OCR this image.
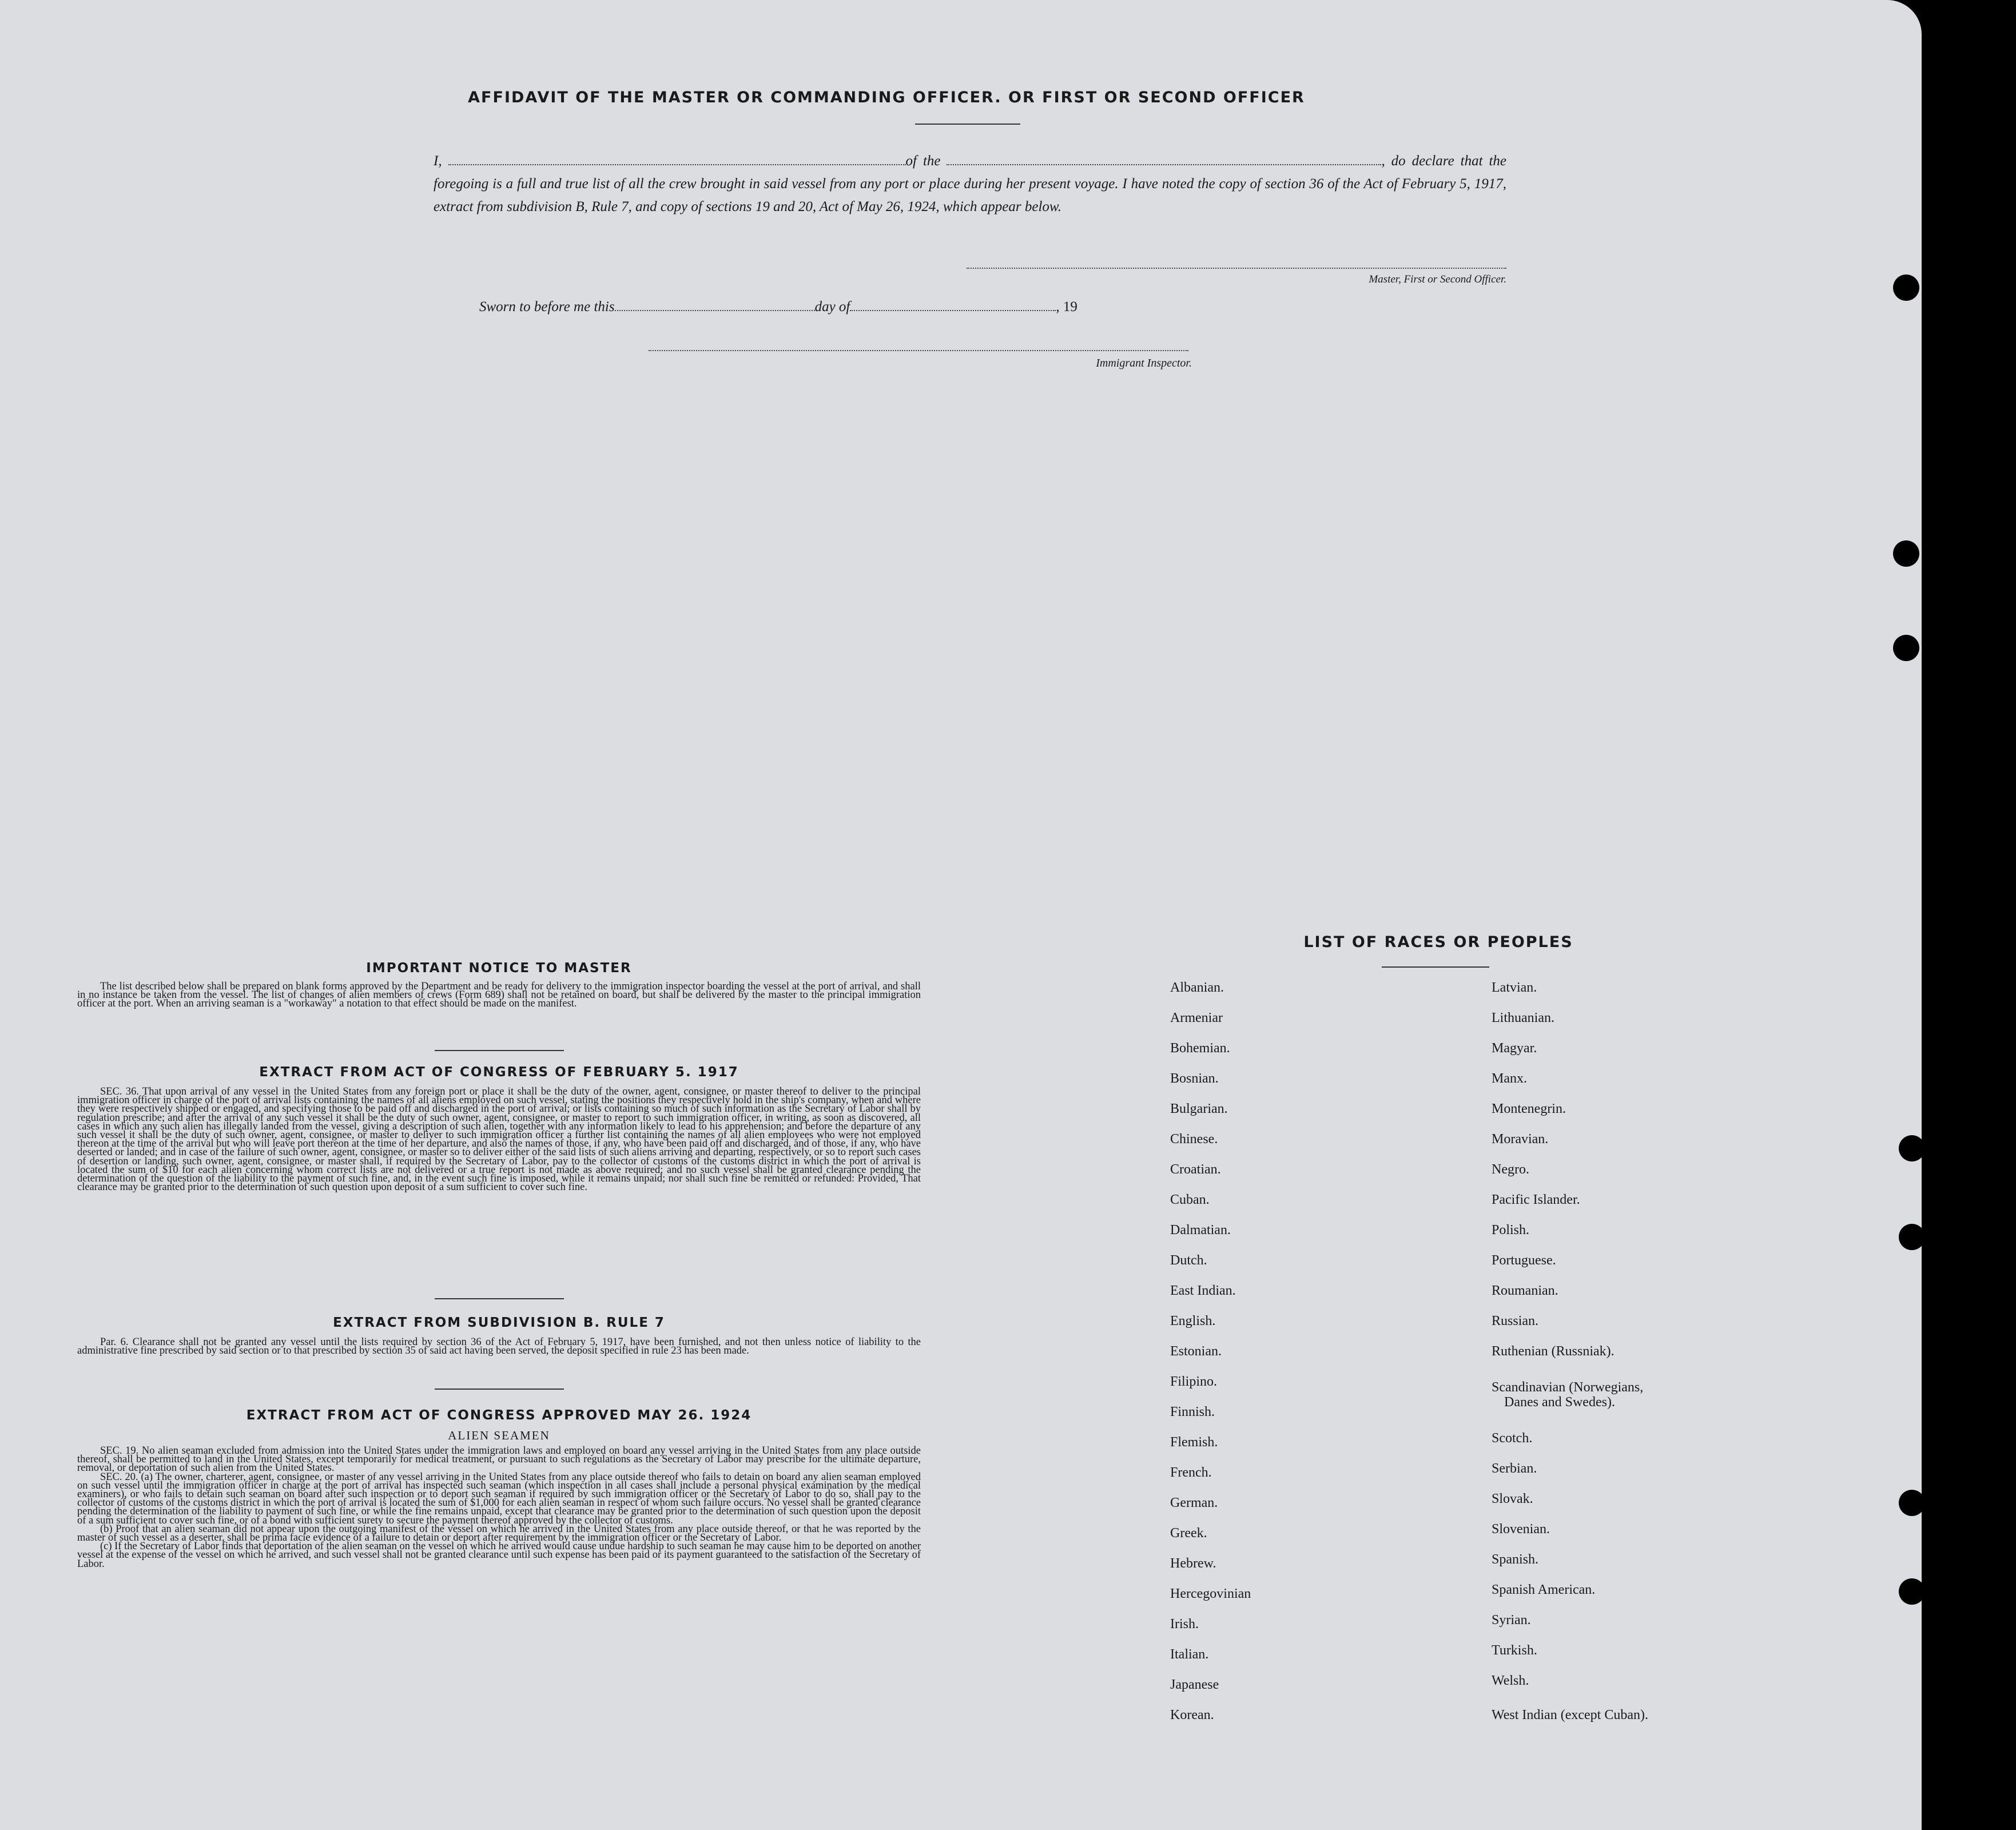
AFFIDAVIT OF THE MASTER OR COMMANDING OFFICER. OR FIRST OR SECOND OFFICER
I,	of the	, do declare that the foregoing is a full and true list of all the crew brought in said vessel from any port or place during her present voyage. I have noted the copy of section 36 of the Act of February 5, 1917, extract from subdivision B, Rule 7, and copy of sections 19 and 20, Act of May 26, 1924, which appear below.
Master, First or Second Officer.
Sworn to before me this	day of	, 19
Immigrant Inspector.
IMPORTANT NOTICE TO MASTER

The list described below shall be prepared on blank forms approved by the Department and be ready for delivery to the immigration inspector boarding the vessel at the port of arrival, and shall in no instance be taken from the vessel. The list of changes of alien members of crews (Form 689) shall not be retained on board, but shall be delivered by the master to the principal immigration officer at the port. When an arriving seaman is a "workaway" a notation to that effect should be made on the manifest.

EXTRACT FROM ACT OF CONGRESS OF FEBRUARY 5. 1917

SEC. 36. That upon arrival of any vessel in the United States from any foreign port or place it shall be the duty of the owner, agent, consignee, or master thereof to deliver to the principal immigration officer in charge of the port of arrival lists containing the names of all aliens employed on such vessel, stating the positions they respectively hold in the ship's company, when and where they were respectively shipped or engaged, and specifying those to be paid off and discharged in the port of arrival; or lists containing so much of such information as the Secretary of Labor shall by regulation prescribe; and after the arrival of any such vessel it shall be the duty of such owner, agent, consignee, or master to report to such immigration officer, in writing, as soon as discovered, all cases in which any such alien has illegally landed from the vessel, giving a description of such alien, together with any information likely to lead to his apprehension; and before the departure of any such vessel it shall be the duty of such owner, agent, consignee, or master to deliver to such immigration officer a further list containing the names of all alien employees who were not employed thereon at the time of the arrival but who will leave port thereon at the time of her departure, and also the names of those, if any, who have been paid off and discharged, and of those, if any, who have deserted or landed; and in case of the failure of such owner, agent, consignee, or master so to deliver either of the said lists of such aliens arriving and departing, respectively, or so to report such cases of desertion or landing, such owner, agent, consignee, or master shall, if required by the Secretary of Labor, pay to the collector of customs of the customs district in which the port of arrival is located the sum of $10 for each alien concerning whom correct lists are not delivered or a true report is not made as above required; and no such vessel shall be granted clearance pending the determination of the question of the liability to the payment of such fine, and, in the event such fine is imposed, while it remains unpaid; nor shall such fine be remitted or refunded: Provided, That clearance may be granted prior to the determination of such question upon deposit of a sum sufficient to cover such fine.

EXTRACT FROM SUBDIVISION B. RULE 7

Par. 6. Clearance shall not be granted any vessel until the lists required by section 36 of the Act of February 5, 1917, have been furnished, and not then unless notice of liability to the administrative fine prescribed by said section or to that prescribed by section 35 of said act having been served, the deposit specified in rule 23 has been made.

EXTRACT FROM ACT OF CONGRESS APPROVED MAY 26. 1924
ALIEN SEAMEN

SEC. 19. No alien seaman excluded from admission into the United States under the immigration laws and employed on board any vessel arriving in the United States from any place outside thereof, shall be permitted to land in the United States, except temporarily for medical treatment, or pursuant to such regulations as the Secretary of Labor may prescribe for the ultimate departure, removal, or deportation of such alien from the United States.

SEC. 20. (a) The owner, charterer, agent, consignee, or master of any vessel arriving in the United States from any place outside thereof who fails to detain on board any alien seaman employed on such vessel until the immigration officer in charge at the port of arrival has inspected such seaman (which inspection in all cases shall include a personal physical examination by the medical examiners), or who fails to detain such seaman on board after such inspection or to deport such seaman if required by such immigration officer or the Secretary of Labor to do so, shall pay to the collector of customs of the customs district in which the port of arrival is located the sum of $1,000 for each alien seaman in respect of whom such failure occurs. No vessel shall be granted clearance pending the determination of the liability to payment of such fine, or while the fine remains unpaid, except that clearance may be granted prior to the determination of such question upon the deposit of a sum sufficient to cover such fine, or of a bond with sufficient surety to secure the payment thereof approved by the collector of customs.

(b) Proof that an alien seaman did not appear upon the outgoing manifest of the vessel on which he arrived in the United States from any place outside thereof, or that he was reported by the master of such vessel as a deserter, shall be prima facie evidence of a failure to detain or deport after requirement by the immigration officer or the Secretary of Labor.

(c) If the Secretary of Labor finds that deportation of the alien seaman on the vessel on which he arrived would cause undue hardship to such seaman he may cause him to be deported on another vessel at the expense of the vessel on which he arrived, and such vessel shall not be granted clearance until such expense has been paid or its payment guaranteed to the satisfaction of the Secretary of Labor.

LIST OF RACES OR PEOPLES
Albanian.
Armeniar
Bohemian.
Bosnian.
Bulgarian.
Chinese.
Croatian.
Cuban.
Dalmatian.
Dutch.
East Indian.
English.
Estonian.
Filipino.
Finnish.
Flemish.
French.
German.
Greek.
Hebrew.
Hercegovinian
Irish.
Italian.
Japanese
Korean.
Latvian.
Lithuanian.
Magyar.
Manx.
Montenegrin.
Moravian.
Negro.
Pacific Islander.
Polish.
Portuguese.
Roumanian.
Russian.
Ruthenian (Russniak).
Scandinavian (Norwegians,
Danes and Swedes).
Scotch.
Serbian.
Slovak.
Slovenian.
Spanish.
Spanish American.
Syrian.
Turkish.
Welsh.
West Indian (except Cuban).
